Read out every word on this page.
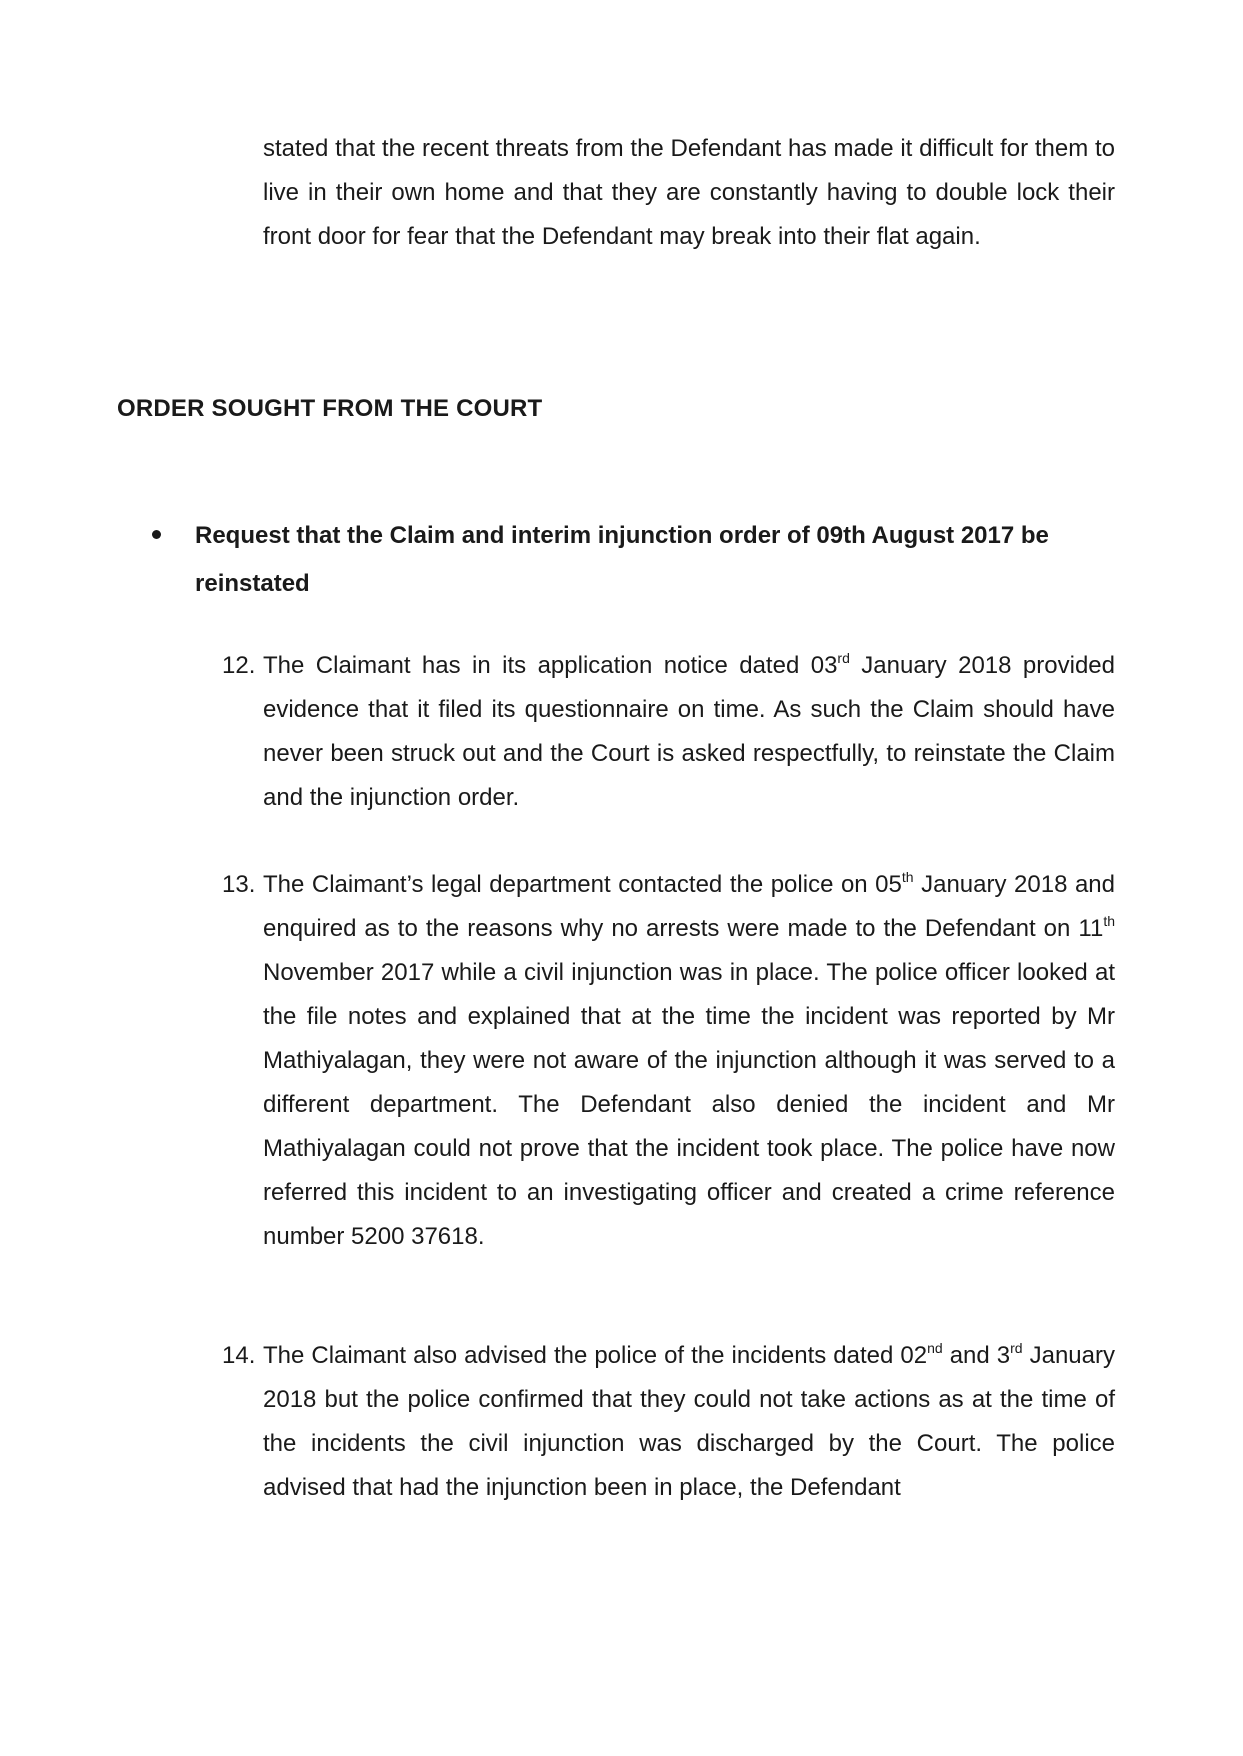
stated that the recent threats from the Defendant has made it difficult for them to live in their own home and that they are constantly having to double lock their front door for fear that the Defendant may break into their flat again.
ORDER SOUGHT FROM THE COURT
Request that the Claim and interim injunction order of 09th August 2017 be reinstated
12. The Claimant has in its application notice dated 03rd January 2018 provided evidence that it filed its questionnaire on time. As such the Claim should have never been struck out and the Court is asked respectfully, to reinstate the Claim and the injunction order.
13. The Claimant’s legal department contacted the police on 05th January 2018 and enquired as to the reasons why no arrests were made to the Defendant on 11th November 2017 while a civil injunction was in place. The police officer looked at the file notes and explained that at the time the incident was reported by Mr Mathiyalagan, they were not aware of the injunction although it was served to a different department. The Defendant also denied the incident and Mr Mathiyalagan could not prove that the incident took place. The police have now referred this incident to an investigating officer and created a crime reference number 5200 37618.
14. The Claimant also advised the police of the incidents dated 02nd and 3rd January 2018 but the police confirmed that they could not take actions as at the time of the incidents the civil injunction was discharged by the Court. The police advised that had the injunction been in place, the Defendant
